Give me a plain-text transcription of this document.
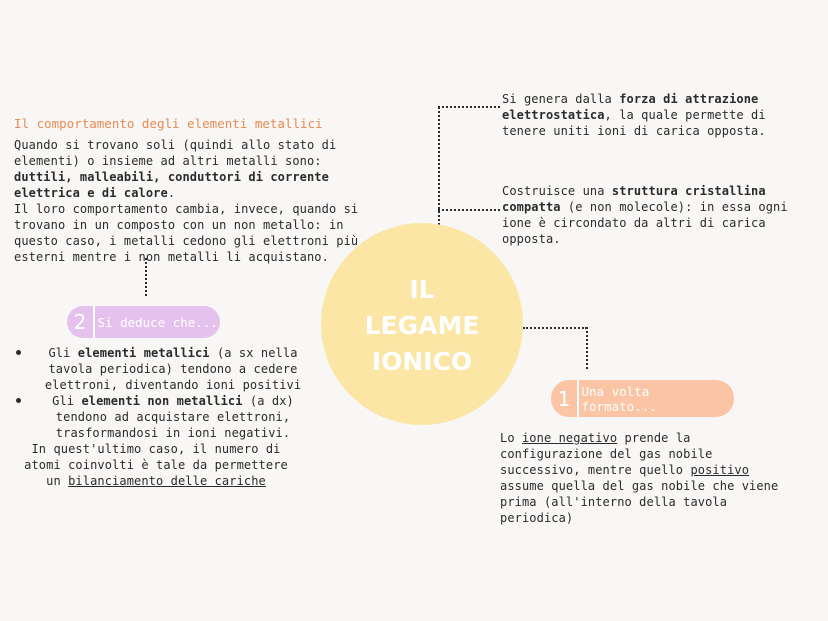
IL
LEGAME
IONICO
Il comportamento degli elementi metallici
Quando si trovano soli (quindi allo stato di elementi) o insieme ad altri metalli sono: duttili, malleabili, conduttori di corrente elettrica e di calore.
Il loro comportamento cambia, invece, quando si trovano in un composto con un non metallo: in questo caso, i metalli cedono gli elettroni più esterni mentre i non metalli li acquistano.
2 Si deduce che...
Gli elementi metallici (a sx nella tavola periodica) tendono a cedere elettroni, diventando ioni positivi
Gli elementi non metallici (a dx) tendono ad acquistare elettroni, trasformandosi in ioni negativi.
In quest'ultimo caso, il numero di atomi coinvolti è tale da permettere un bilanciamento delle cariche
Si genera dalla forza di attrazione elettrostatica, la quale permette di tenere uniti ioni di carica opposta.
Costruisce una struttura cristallina compatta (e non molecole): in essa ogni ione è circondato da altri di carica opposta.
1 Una volta
formato...
Lo ione negativo prende la configurazione del gas nobile successivo, mentre quello positivo assume quella del gas nobile che viene prima (all'interno della tavola periodica)
